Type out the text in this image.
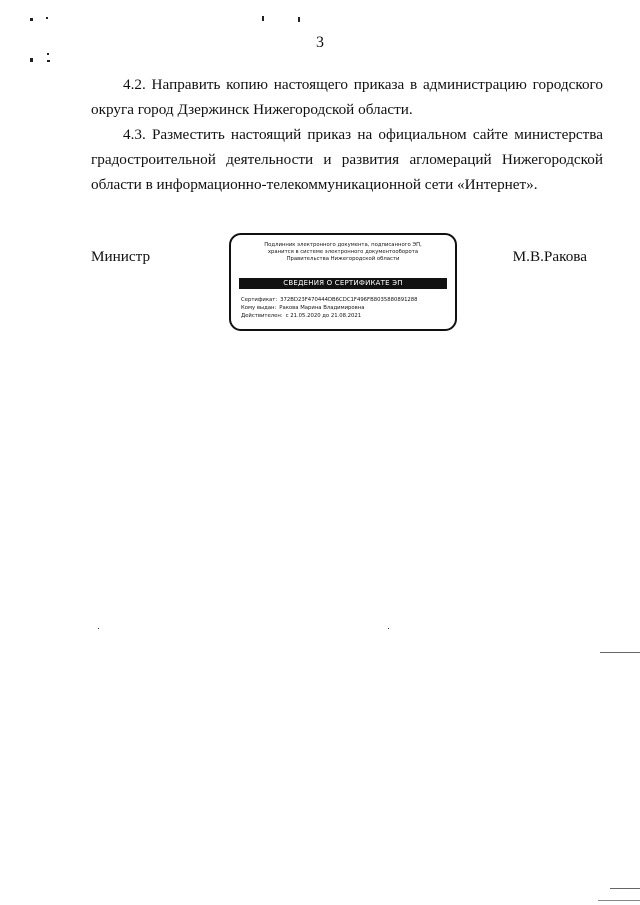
3

4.2. Направить копию настоящего приказа в администрацию городского
округа город Дзержинск Нижегородской области.

4.3. Разместить настоящий приказ на официальном сайте министерства
градостроительной деятельности и развития агломераций Нижегородской
области в информационно-телекоммуникационной сети «Интернет».

Министр	М.В.Ракова
Подлинник электронного документа, подписанного ЭП,
хранится в системе электронного документооборота
Правительства Нижегородской области
СВЕДЕНИЯ О СЕРТИФИКАТЕ ЭП
Сертификат: 372BD23F470444DB6CDC1F496FB8035880891288
Кому выдан: Ракова Марина Владимировна
Действителен: с 21.05.2020 до 21.08.2021
